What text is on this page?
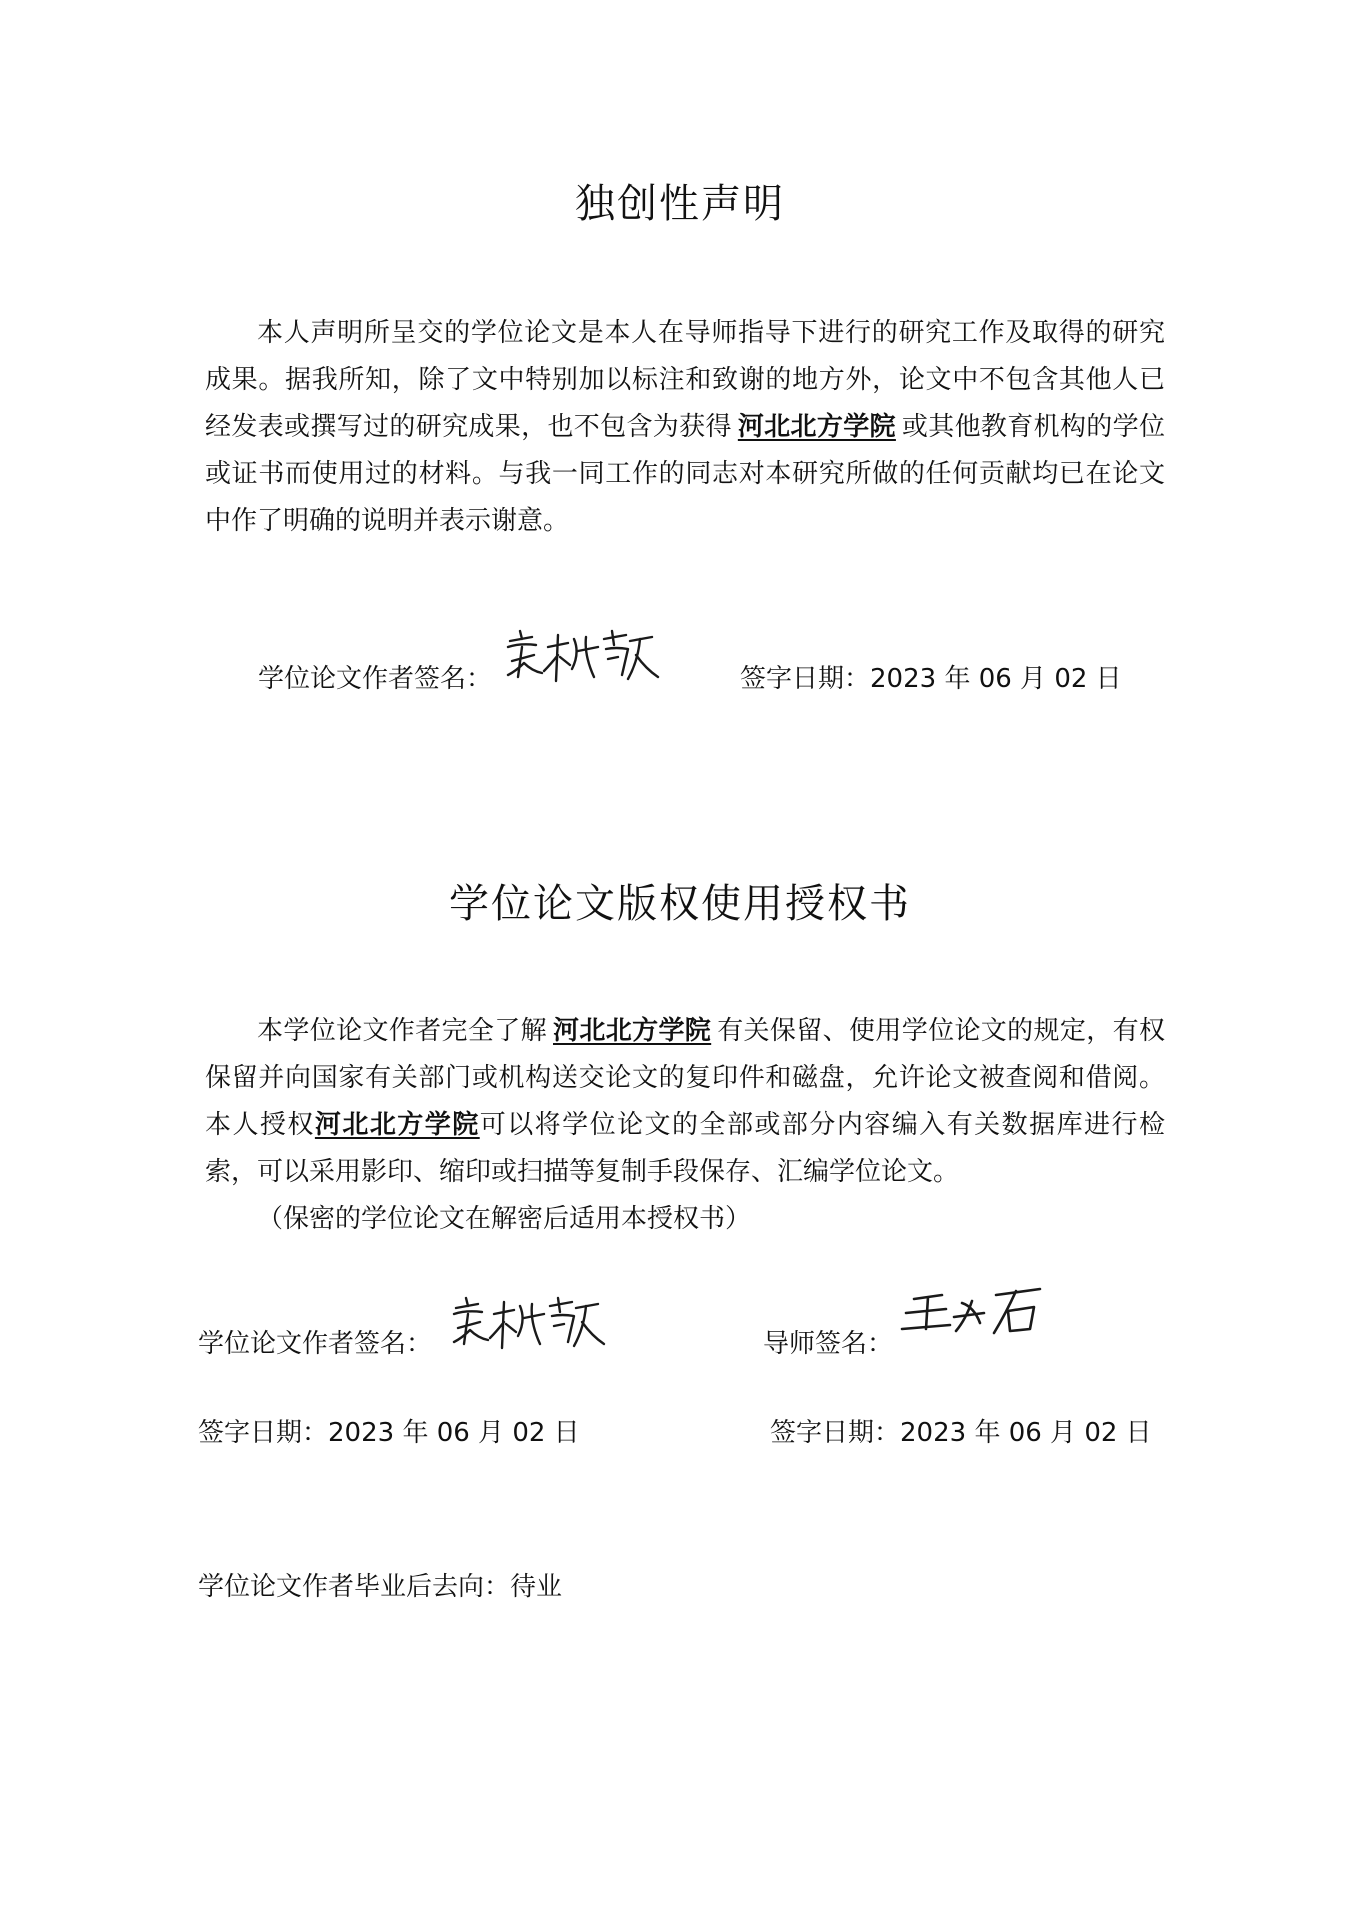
独创性声明

本人声明所呈交的学位论文是本人在导师指导下进行的研究工作及取得的研究成果。据我所知，除了文中特别加以标注和致谢的地方外，论文中不包含其他人已经发表或撰写过的研究成果，也不包含为获得 河北北方学院 或其他教育机构的学位或证书而使用过的材料。与我一同工作的同志对本研究所做的任何贡献均已在论文中作了明确的说明并表示谢意。

学位论文作者签名：	签字日期：2023 年 06 月 02 日
学位论文版权使用授权书

本学位论文作者完全了解 河北北方学院 有关保留、使用学位论文的规定，有权保留并向国家有关部门或机构送交论文的复印件和磁盘，允许论文被查阅和借阅。本人授权河北北方学院可以将学位论文的全部或部分内容编入有关数据库进行检索，可以采用影印、缩印或扫描等复制手段保存、汇编学位论文。

（保密的学位论文在解密后适用本授权书）

学位论文作者签名：	导师签名：
签字日期：2023 年 06 月 02 日	签字日期：2023 年 06 月 02 日
学位论文作者毕业后去向：待业
